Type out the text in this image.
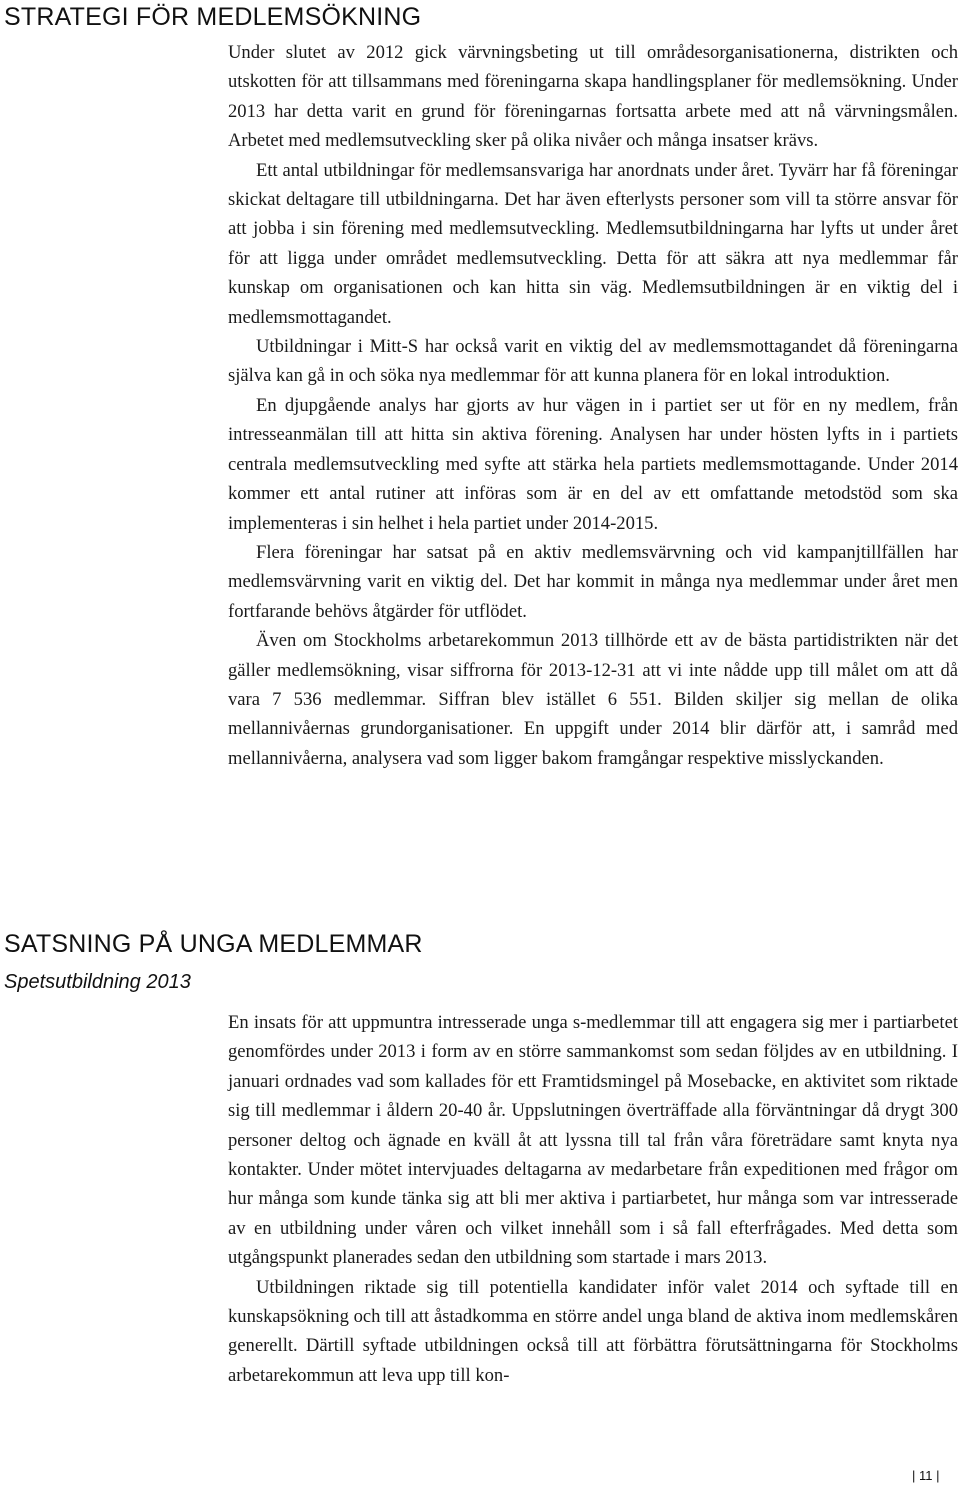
STRATEGI FÖR MEDLEMSÖKNING

Under slutet av 2012 gick värvningsbeting ut till områdesorganisationerna, distrikten och utskotten för att tillsammans med föreningarna skapa handlingsplaner för medlemsökning. Under 2013 har detta varit en grund för föreningarnas fortsatta arbete med att nå värvningsmålen. Arbetet med medlemsutveckling sker på olika nivåer och många insatser krävs.

Ett antal utbildningar för medlemsansvariga har anordnats under året. Tyvärr har få föreningar skickat deltagare till utbildningarna. Det har även efterlysts personer som vill ta större ansvar för att jobba i sin förening med medlemsutveckling. Medlemsutbildningarna har lyfts ut under året för att ligga under området medlemsutveckling. Detta för att säkra att nya medlemmar får kunskap om organisationen och kan hitta sin väg. Medlemsutbildningen är en viktig del i medlemsmottagandet.

Utbildningar i Mitt-S har också varit en viktig del av medlemsmottagandet då föreningarna själva kan gå in och söka nya medlemmar för att kunna planera för en lokal introduktion.

En djupgående analys har gjorts av hur vägen in i partiet ser ut för en ny medlem, från intresseanmälan till att hitta sin aktiva förening. Analysen har under hösten lyfts in i partiets centrala medlemsutveckling med syfte att stärka hela partiets medlemsmottagande. Under 2014 kommer ett antal rutiner att införas som är en del av ett omfattande metodstöd som ska implementeras i sin helhet i hela partiet under 2014-2015.

Flera föreningar har satsat på en aktiv medlemsvärvning och vid kampanjtillfällen har medlemsvärvning varit en viktig del. Det har kommit in många nya medlemmar under året men fortfarande behövs åtgärder för utflödet.

Även om Stockholms arbetarekommun 2013 tillhörde ett av de bästa partidistrikten när det gäller medlemsökning, visar siffrorna för 2013-12-31 att vi inte nådde upp till målet om att då vara 7 536 medlemmar. Siffran blev istället 6 551. Bilden skiljer sig mellan de olika mellannivåernas grundorganisationer. En uppgift under 2014 blir därför att, i samråd med mellannivåerna, analysera vad som ligger bakom framgångar respektive misslyckanden.

SATSNING PÅ UNGA MEDLEMMAR
Spetsutbildning 2013

En insats för att uppmuntra intresserade unga s-medlemmar till att engagera sig mer i partiarbetet genomfördes under 2013 i form av en större sammankomst som sedan följdes av en utbildning. I januari ordnades vad som kallades för ett Framtidsmingel på Mosebacke, en aktivitet som riktade sig till medlemmar i åldern 20-40 år. Uppslutningen överträffade alla förväntningar då drygt 300 personer deltog och ägnade en kväll åt att lyssna till tal från våra företrädare samt knyta nya kontakter. Under mötet intervjuades deltagarna av medarbetare från expeditionen med frågor om hur många som kunde tänka sig att bli mer aktiva i partiarbetet, hur många som var intresserade av en utbildning under våren och vilket innehåll som i så fall efterfrågades. Med detta som utgångspunkt planerades sedan den utbildning som startade i mars 2013.

Utbildningen riktade sig till potentiella kandidater inför valet 2014 och syftade till en kunskapsökning och till att åstadkomma en större andel unga bland de aktiva inom medlemskåren generellt. Därtill syftade utbildningen också till att förbättra förutsättningarna för Stockholms arbetarekommun att leva upp till kon-

| 11 |
